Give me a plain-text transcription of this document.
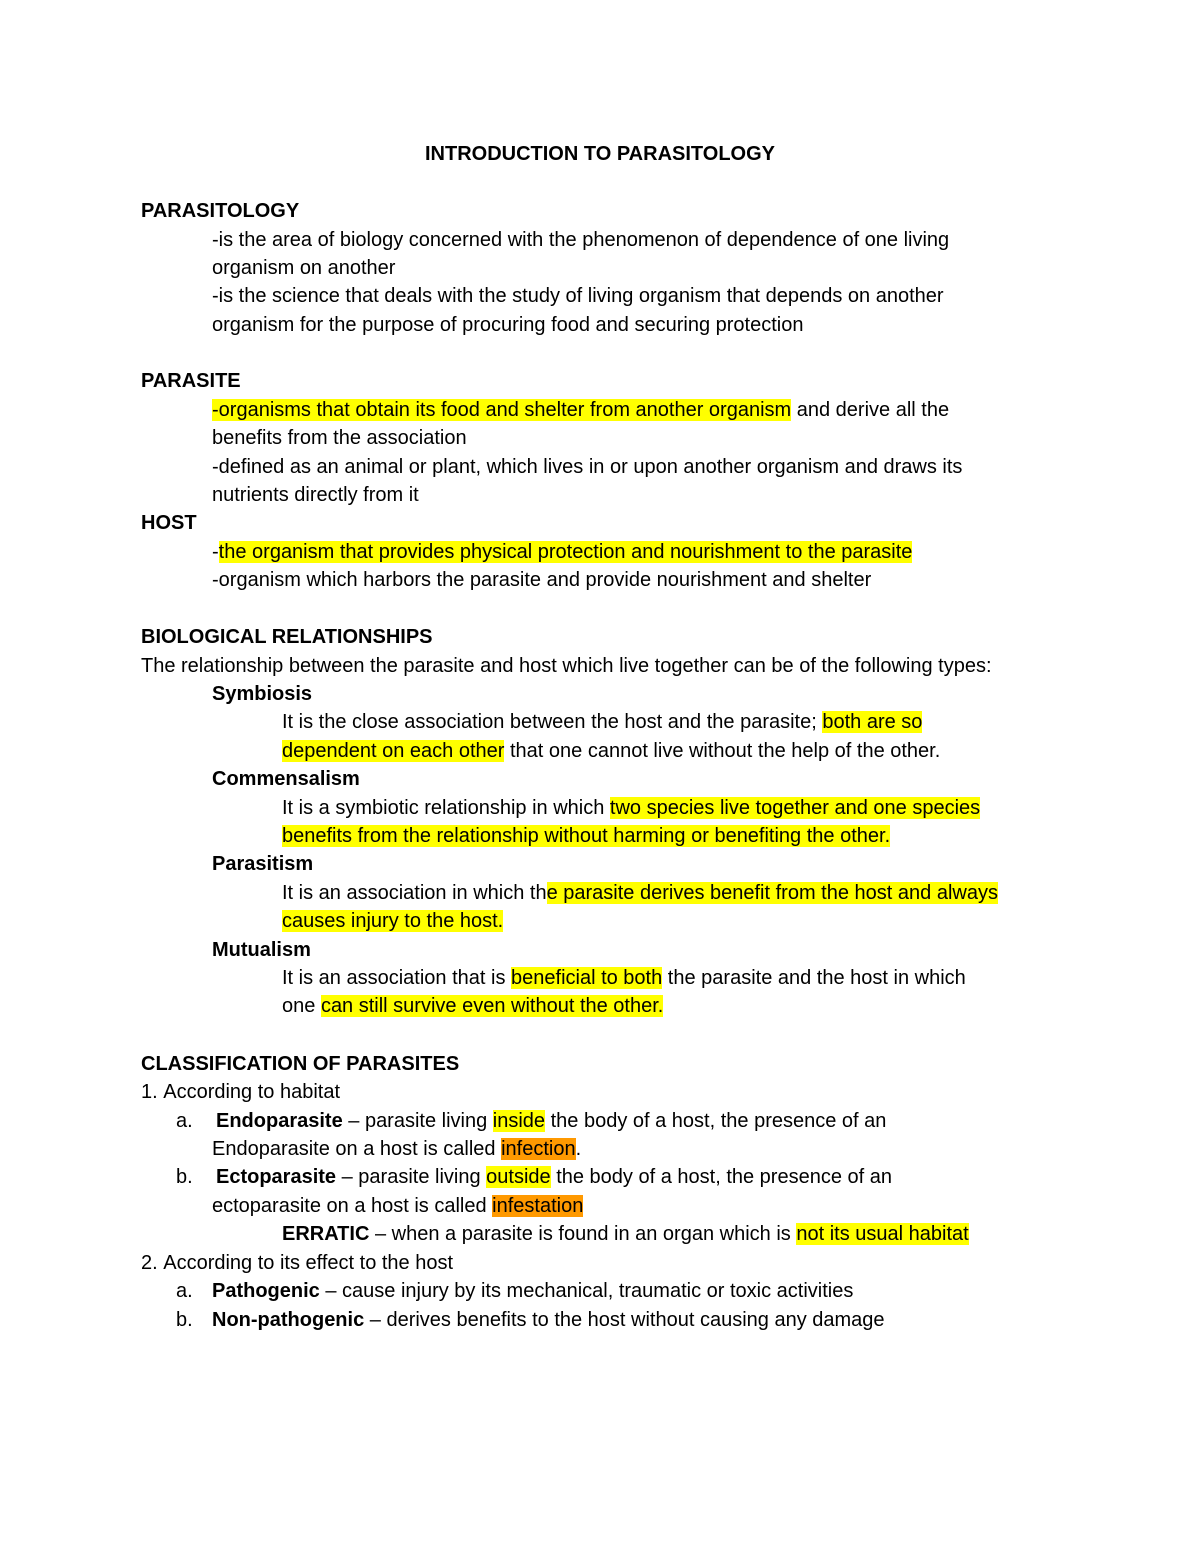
INTRODUCTION TO PARASITOLOGY
PARASITOLOGY
-is the area of biology concerned with the phenomenon of dependence of one living
organism on another
-is the science that deals with the study of living organism that depends on another
organism for the purpose of procuring food and securing protection
PARASITE
-organisms that obtain its food and shelter from another organism and derive all the
benefits from the association
-defined as an animal or plant, which lives in or upon another organism and draws its
nutrients directly from it
HOST
-the organism that provides physical protection and nourishment to the parasite
-organism which harbors the parasite and provide nourishment and shelter
BIOLOGICAL RELATIONSHIPS
The relationship between the parasite and host which live together can be of the following types:
Symbiosis
It is the close association between the host and the parasite; both are so
dependent on each other that one cannot live without the help of the other.
Commensalism
It is a symbiotic relationship in which two species live together and one species
benefits from the relationship without harming or benefiting the other.
Parasitism
It is an association in which the parasite derives benefit from the host and always
causes injury to the host.
Mutualism
It is an association that is beneficial to both the parasite and the host in which
one can still survive even without the other.
CLASSIFICATION OF PARASITES
1. According to habitat
a. Endoparasite – parasite living inside the body of a host, the presence of an
Endoparasite on a host is called infection.
b. Ectoparasite – parasite living outside the body of a host, the presence of an
ectoparasite on a host is called infestation
ERRATIC – when a parasite is found in an organ which is not its usual habitat
2. According to its effect to the host
a. Pathogenic – cause injury by its mechanical, traumatic or toxic activities
b. Non-pathogenic – derives benefits to the host without causing any damage
